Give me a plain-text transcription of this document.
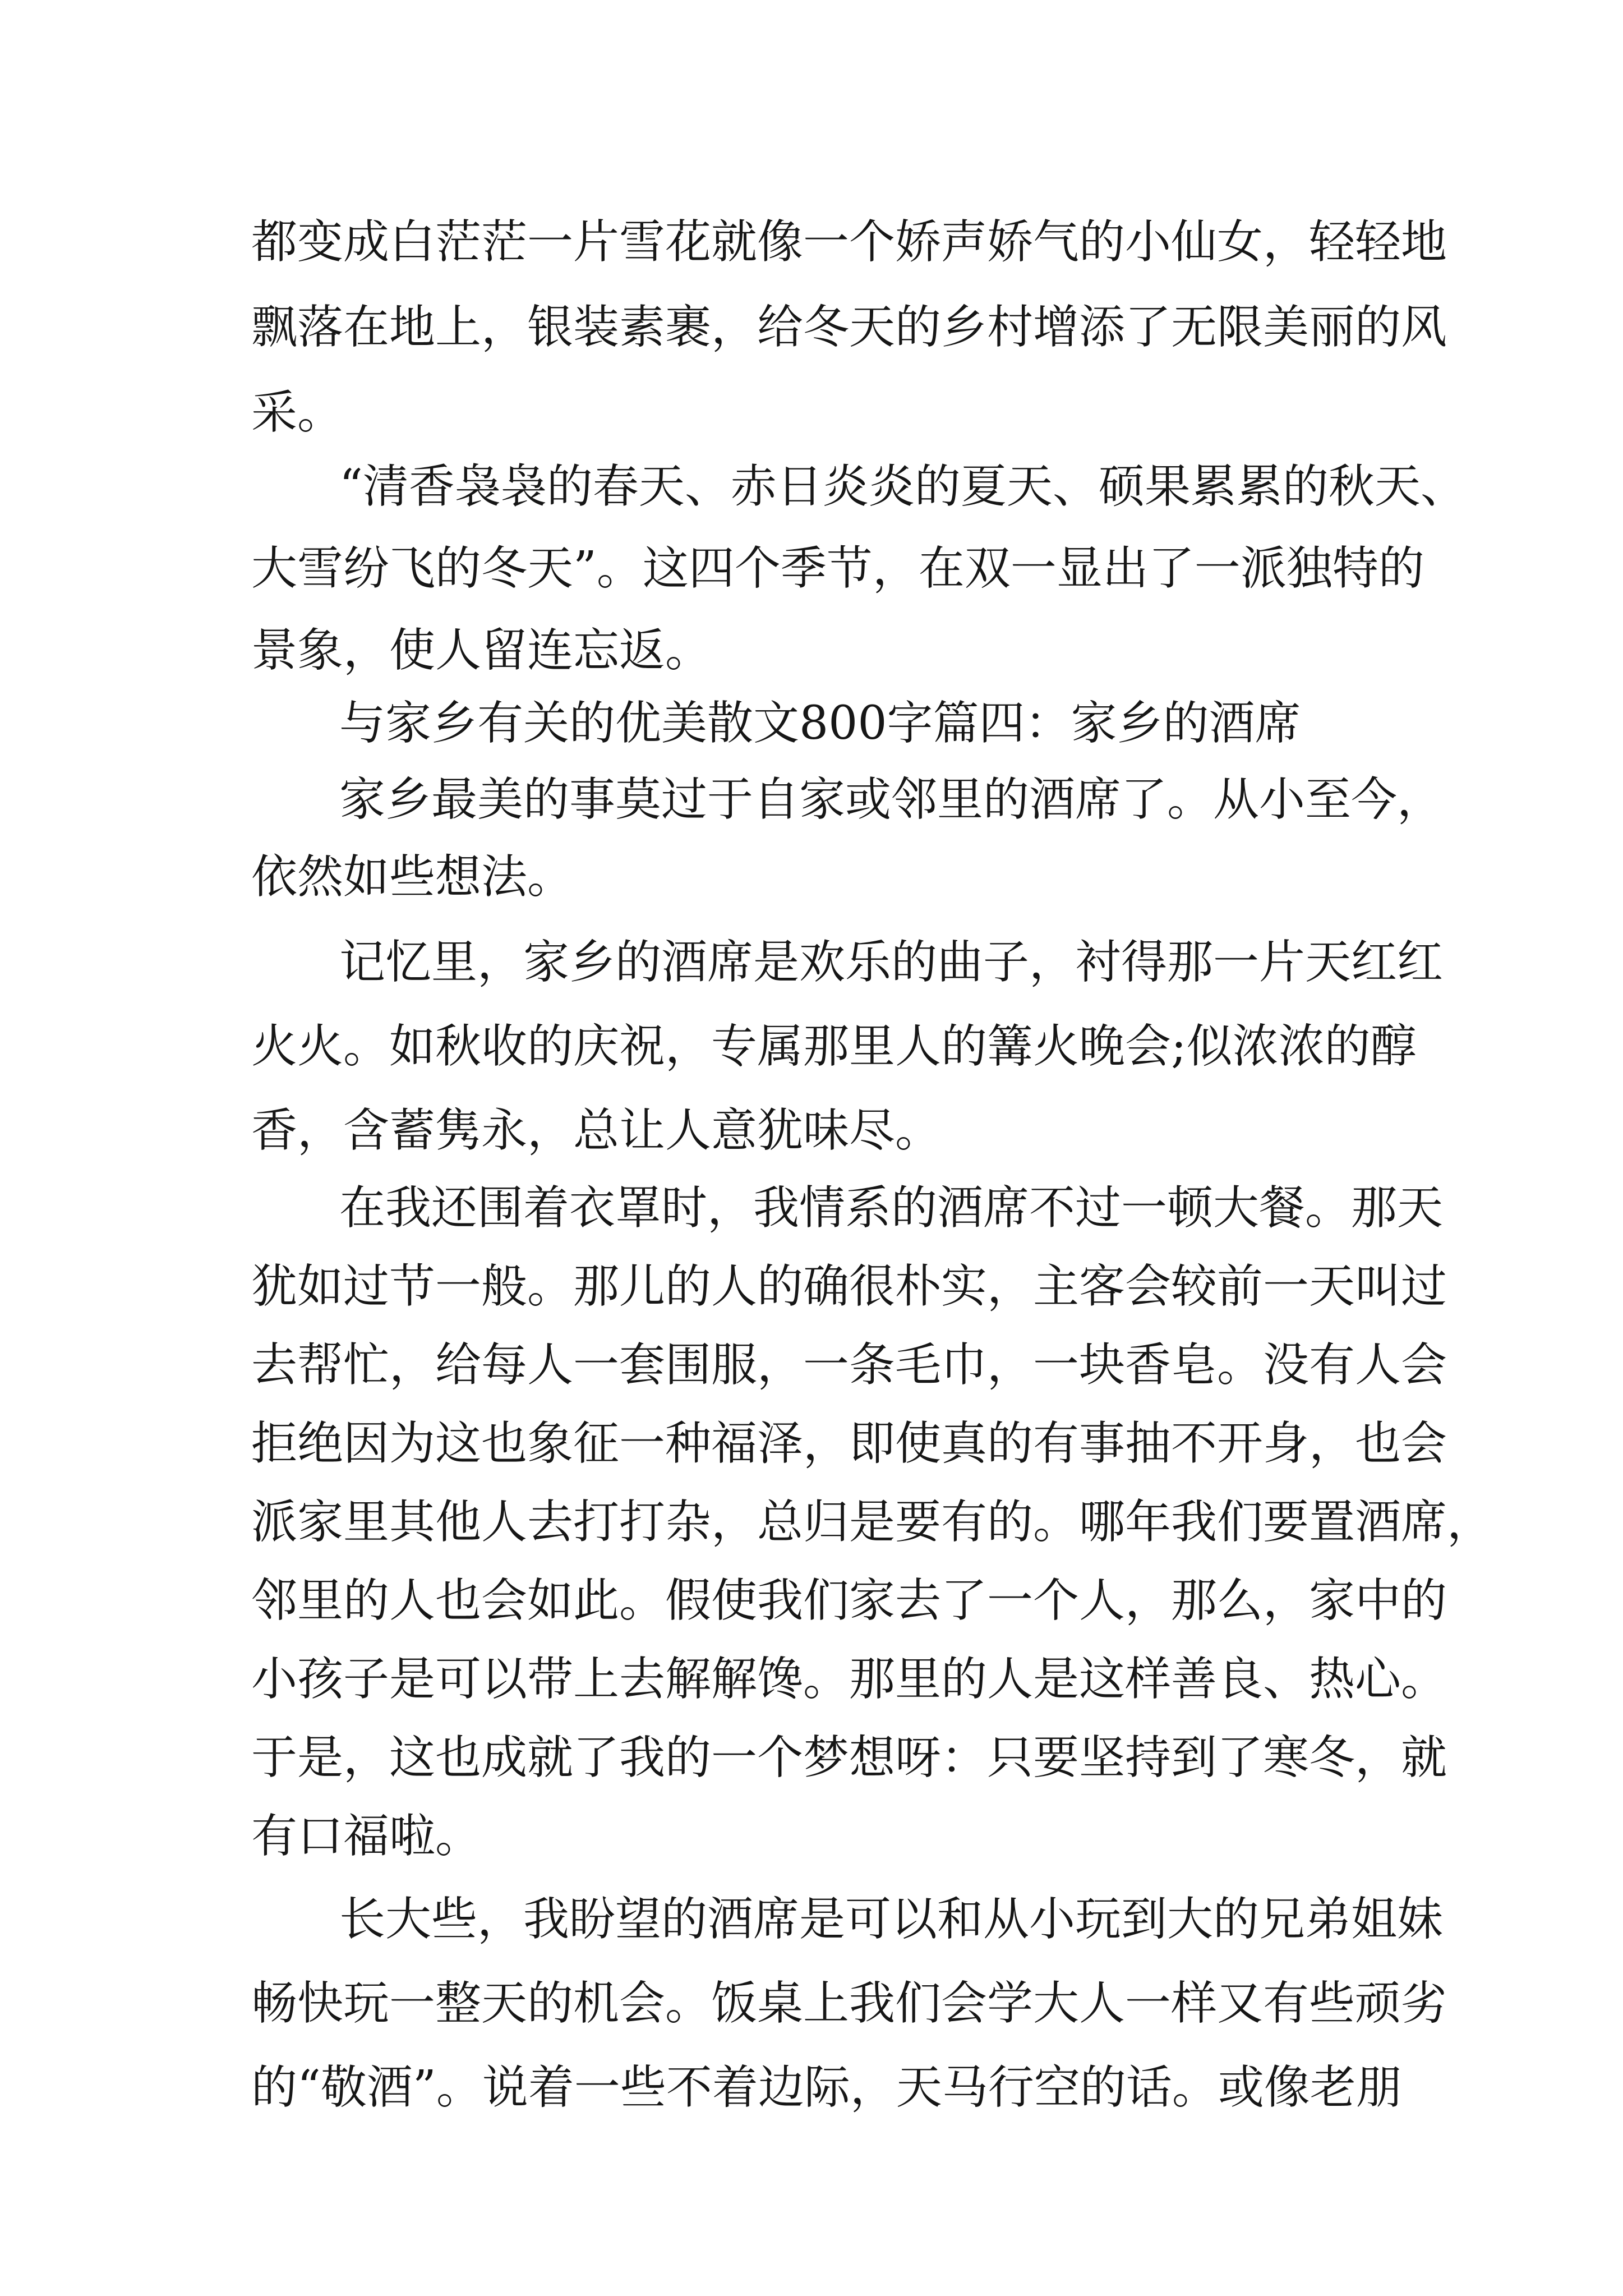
都变成白茫茫一片雪花就像一个娇声娇气的小仙女，轻轻地
飘落在地上，银装素裹，给冬天的乡村增添了无限美丽的风
采。
“清香袅袅的春天、赤日炎炎的夏天、硕果累累的秋天、
大雪纷飞的冬天”。这四个季节，在双一显出了一派独特的
景象，使人留连忘返。
与家乡有关的优美散文800字篇四：家乡的酒席
家乡最美的事莫过于自家或邻里的酒席了。从小至今，
依然如些想法。
记忆里，家乡的酒席是欢乐的曲子，衬得那一片天红红
火火。如秋收的庆祝，专属那里人的篝火晚会;似浓浓的醇
香，含蓄隽永，总让人意犹味尽。
在我还围着衣罩时，我情系的酒席不过一顿大餐。那天
犹如过节一般。那儿的人的确很朴实，主客会较前一天叫过
去帮忙，给每人一套围服，一条毛巾，一块香皂。没有人会
拒绝因为这也象征一种福泽，即使真的有事抽不开身，也会
派家里其他人去打打杂，总归是要有的。哪年我们要置酒席，
邻里的人也会如此。假使我们家去了一个人，那么，家中的
小孩子是可以带上去解解馋。那里的人是这样善良、热心。
于是，这也成就了我的一个梦想呀：只要坚持到了寒冬，就
有口福啦。
长大些，我盼望的酒席是可以和从小玩到大的兄弟姐妹
畅快玩一整天的机会。饭桌上我们会学大人一样又有些顽劣
的“敬酒”。说着一些不着边际，天马行空的话。或像老朋
